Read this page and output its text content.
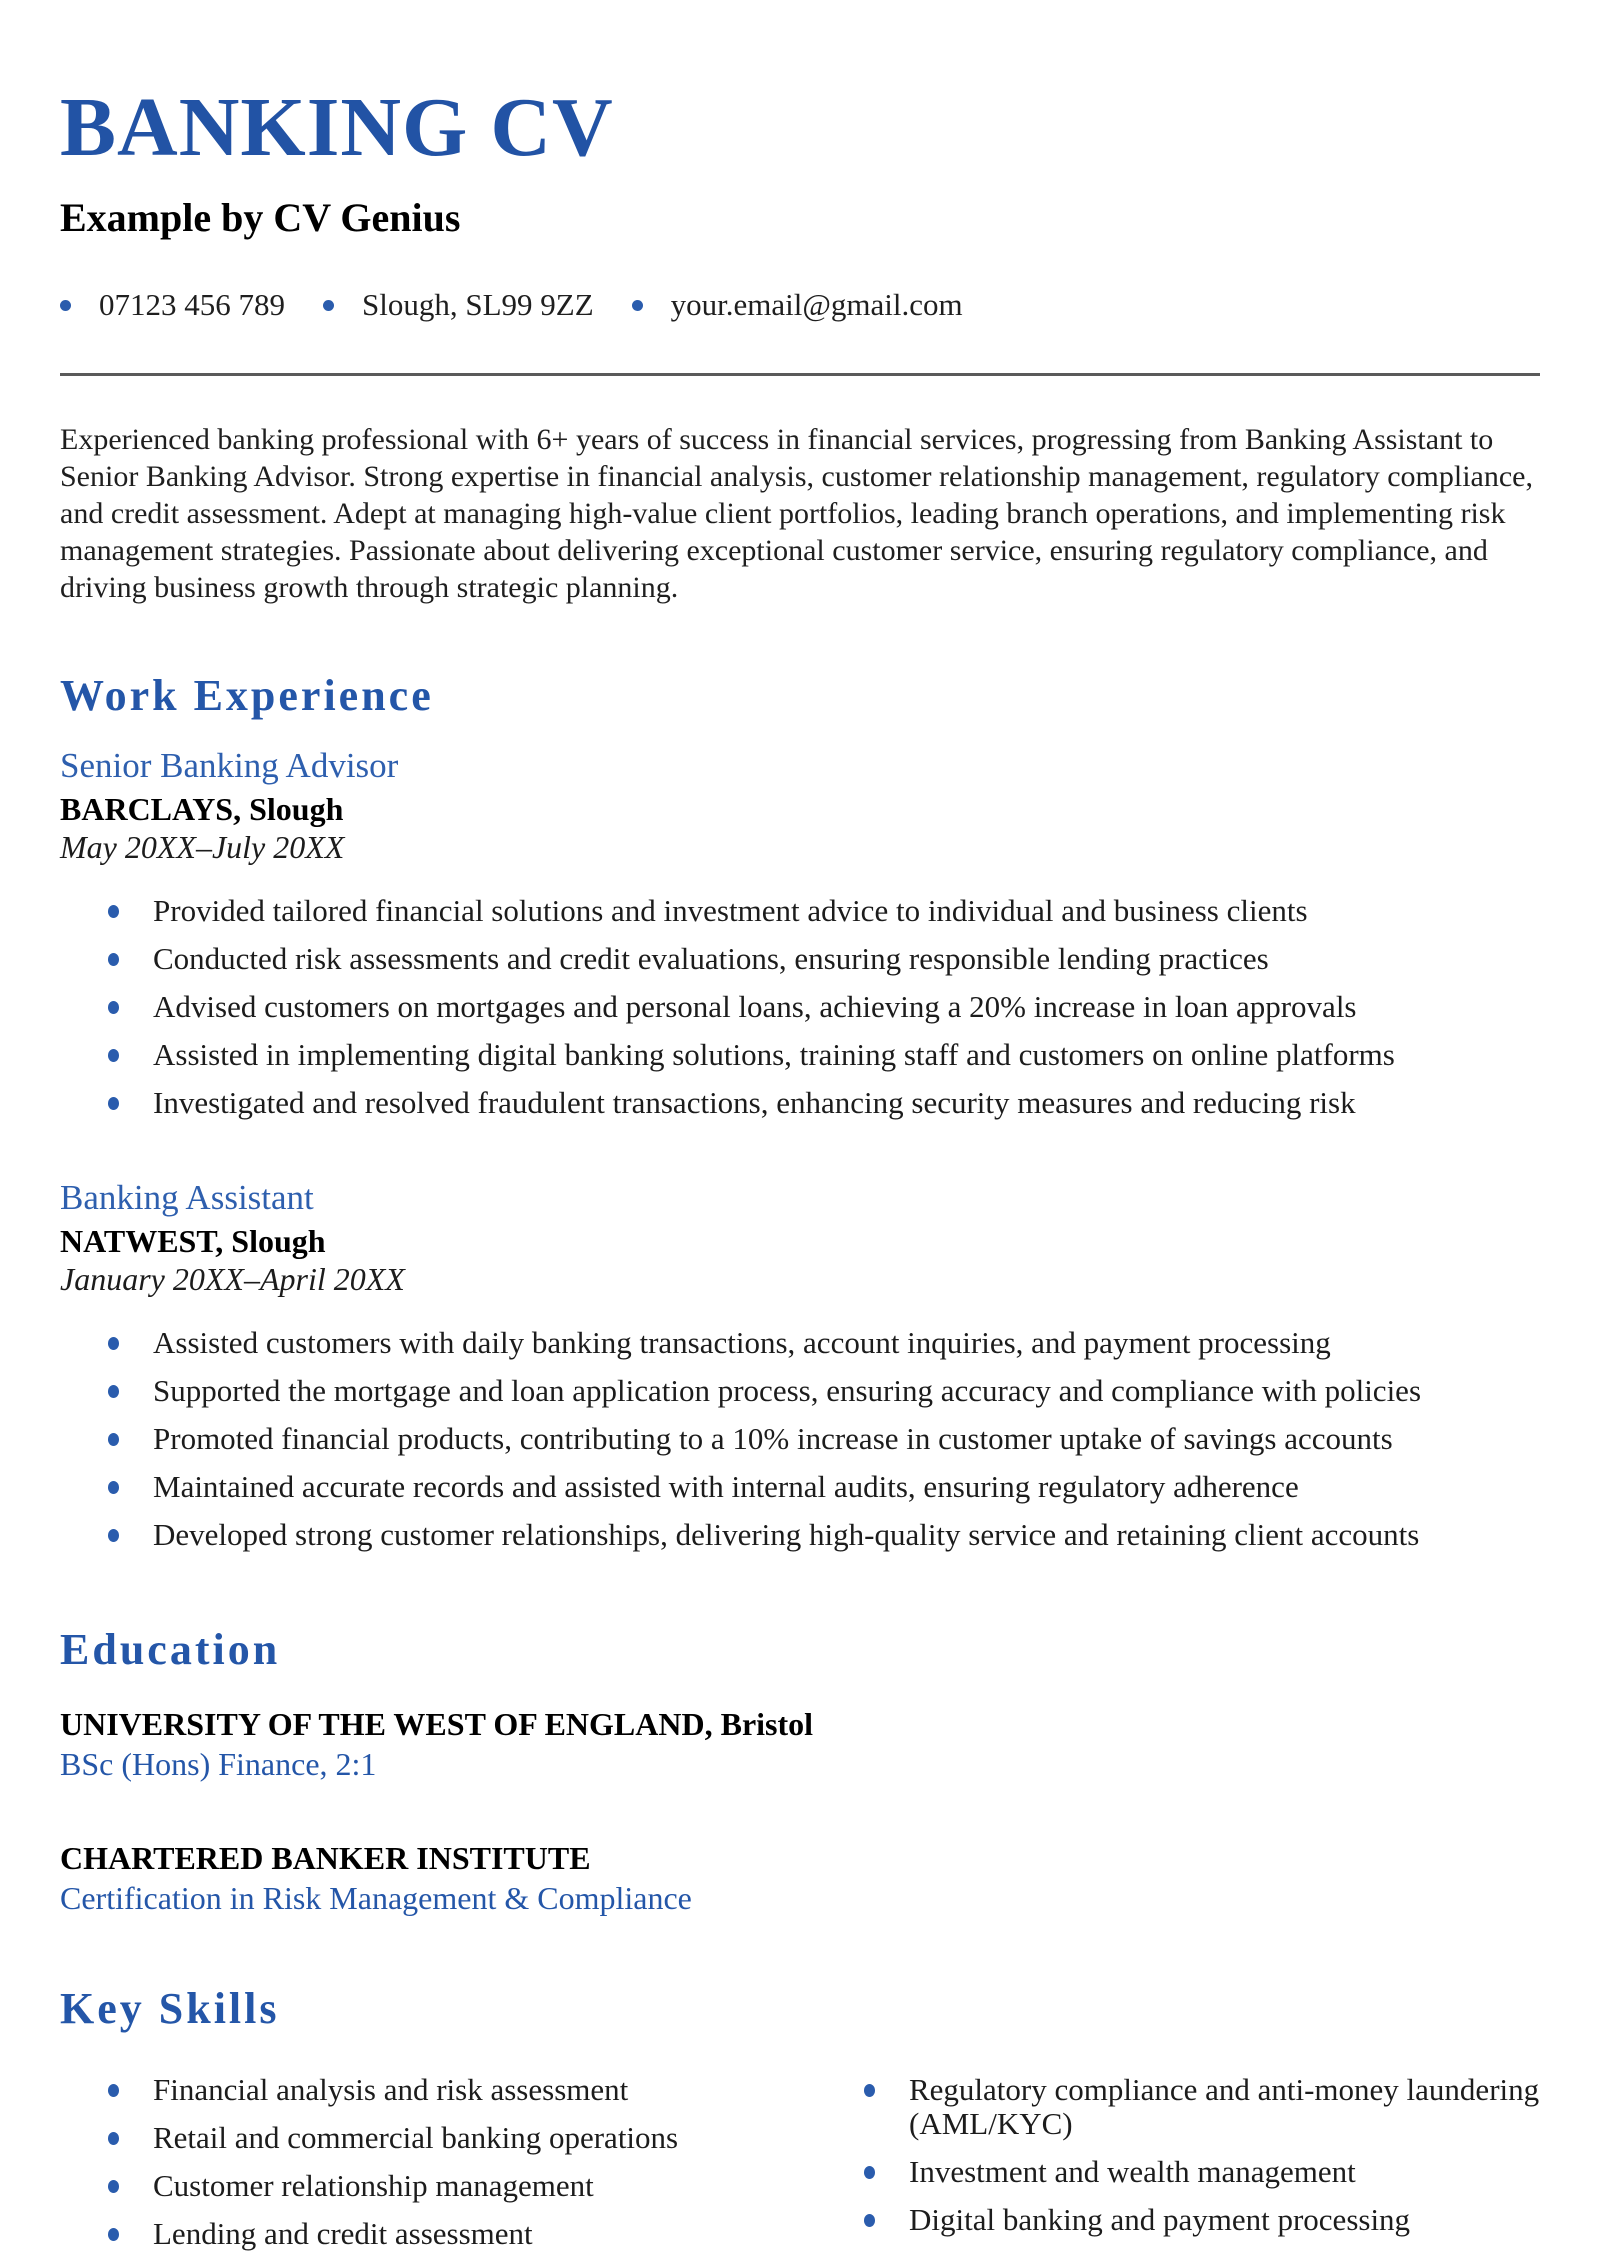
BANKING CV
Example by CV Genius
07123 456 789 Slough, SL99 9ZZ your.email@gmail.com

Experienced banking professional with 6+ years of success in financial services, progressing from Banking Assistant to Senior Banking Advisor. Strong expertise in financial analysis, customer relationship management, regulatory compliance, and credit assessment. Adept at managing high-value client portfolios, leading branch operations, and implementing risk management strategies. Passionate about delivering exceptional customer service, ensuring regulatory compliance, and driving business growth through strategic planning.

Work Experience
Senior Banking Advisor
BARCLAYS, Slough
May 20XX–July 20XX
Provided tailored financial solutions and investment advice to individual and business clients
Conducted risk assessments and credit evaluations, ensuring responsible lending practices
Advised customers on mortgages and personal loans, achieving a 20% increase in loan approvals
Assisted in implementing digital banking solutions, training staff and customers on online platforms
Investigated and resolved fraudulent transactions, enhancing security measures and reducing risk
Banking Assistant
NATWEST, Slough
January 20XX–April 20XX
Assisted customers with daily banking transactions, account inquiries, and payment processing
Supported the mortgage and loan application process, ensuring accuracy and compliance with policies
Promoted financial products, contributing to a 10% increase in customer uptake of savings accounts
Maintained accurate records and assisted with internal audits, ensuring regulatory adherence
Developed strong customer relationships, delivering high-quality service and retaining client accounts
Education
UNIVERSITY OF THE WEST OF ENGLAND, Bristol
BSc (Hons) Finance, 2:1
CHARTERED BANKER INSTITUTE
Certification in Risk Management & Compliance
Key Skills
Financial analysis and risk assessment
Retail and commercial banking operations
Customer relationship management
Lending and credit assessment
Regulatory compliance and anti-money laundering (AML/KYC)
Investment and wealth management
Digital banking and payment processing
